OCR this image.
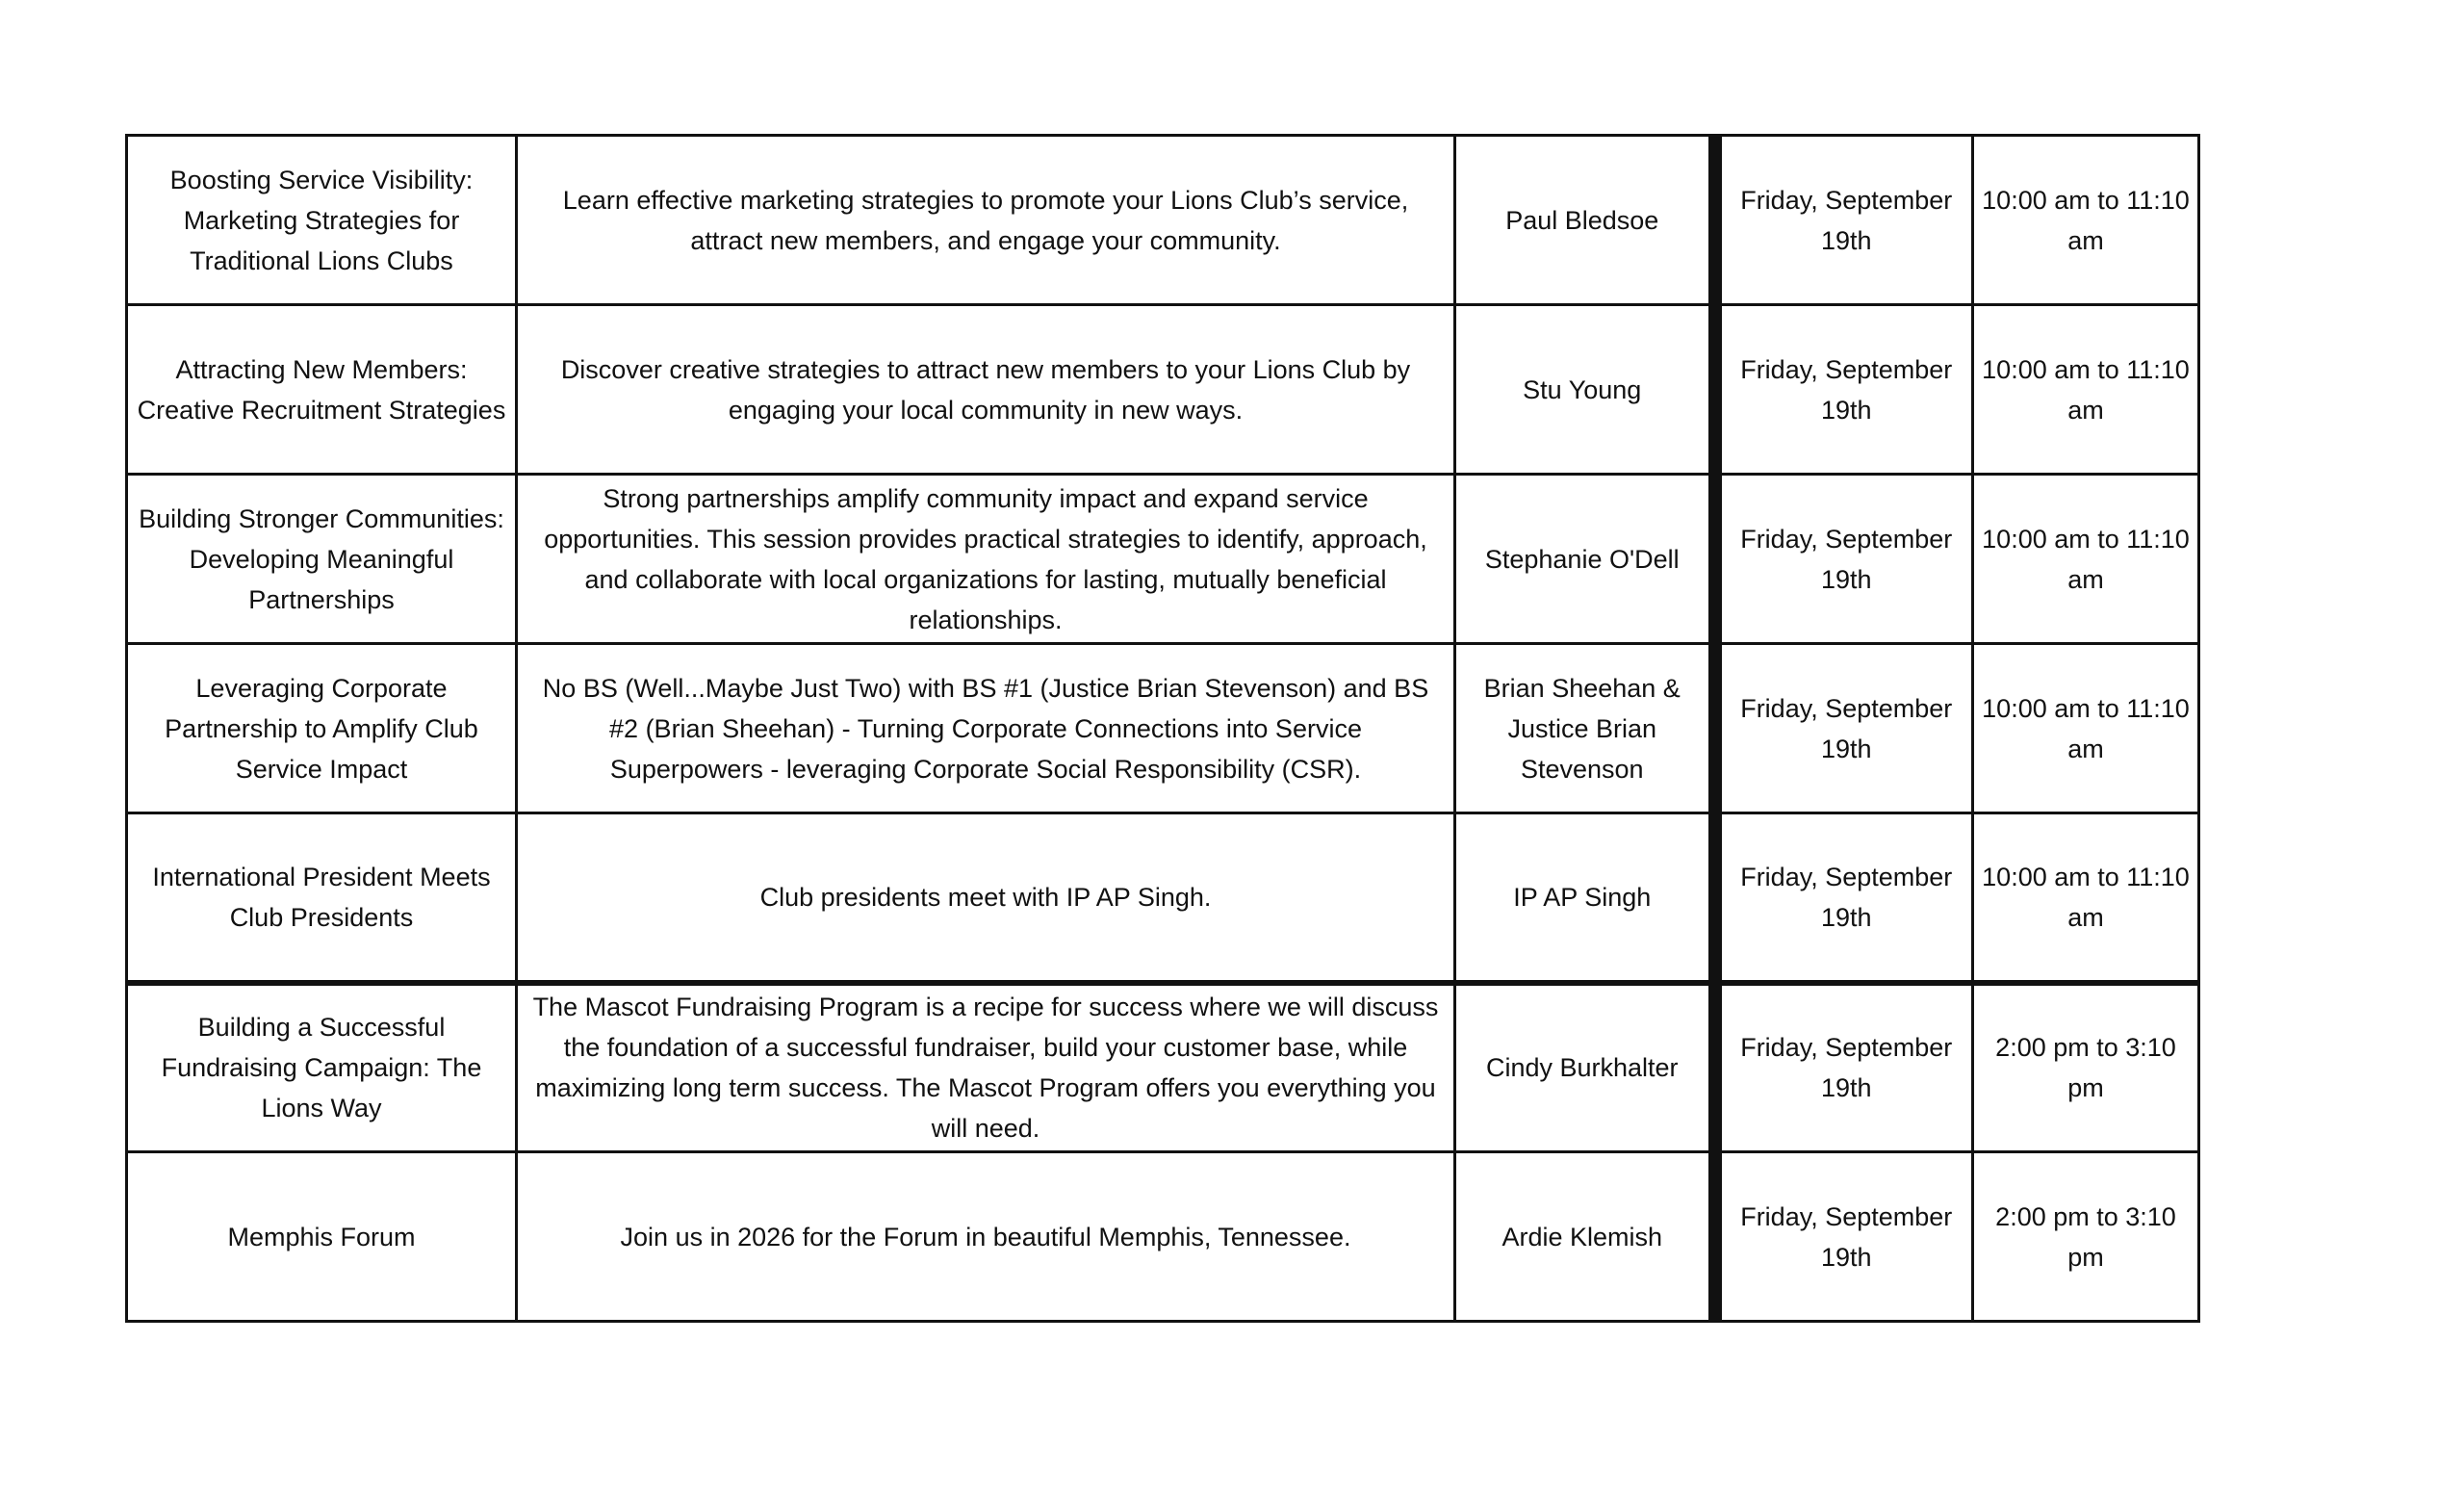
Boosting Service Visibility: Marketing Strategies for Traditional Lions Clubs	Learn effective marketing strategies to promote your Lions Club’s service, attract new members, and engage your community.	Paul Bledsoe	Friday, September 19th	10:00 am to 11:10 am
Attracting New Members: Creative Recruitment Strategies	Discover creative strategies to attract new members to your Lions Club by engaging your local community in new ways.	Stu Young	Friday, September 19th	10:00 am to 11:10 am
Building Stronger Communities: Developing Meaningful Partnerships	Strong partnerships amplify community impact and expand service opportunities. This session provides practical strategies to identify, approach, and collaborate with local organizations for lasting, mutually beneficial relationships.	Stephanie O'Dell	Friday, September 19th	10:00 am to 11:10 am
Leveraging Corporate Partnership to Amplify Club Service Impact	No BS (Well...Maybe Just Two) with BS #1 (Justice Brian Stevenson) and BS #2 (Brian Sheehan) - Turning Corporate Connections into Service Superpowers - leveraging Corporate Social Responsibility (CSR).	Brian Sheehan & Justice Brian Stevenson	Friday, September 19th	10:00 am to 11:10 am
International President Meets Club Presidents	Club presidents meet with IP AP Singh.	IP AP Singh	Friday, September 19th	10:00 am to 11:10 am
Building a Successful Fundraising Campaign: The Lions Way	The Mascot Fundraising Program is a recipe for success where we will discuss the foundation of a successful fundraiser, build your customer base, while maximizing long term success. The Mascot Program offers you everything you will need.	Cindy Burkhalter	Friday, September 19th	2:00 pm to 3:10 pm
Memphis Forum	Join us in 2026 for the Forum in beautiful Memphis, Tennessee.	Ardie Klemish	Friday, September 19th	2:00 pm to 3:10 pm
